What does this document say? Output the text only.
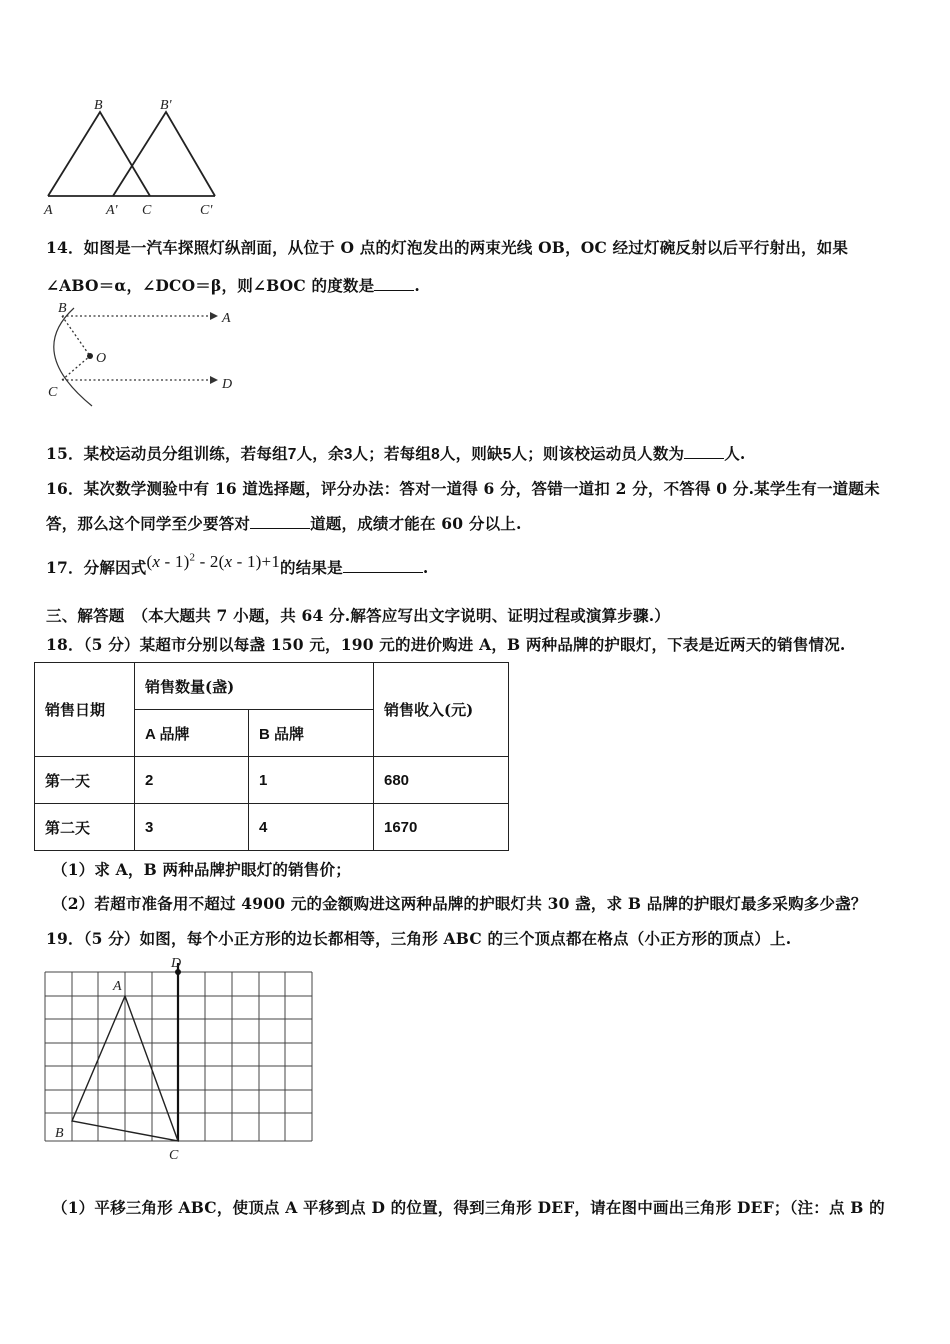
B	B'
A	A' C	C'
14．如图是一汽车探照灯纵剖面，从位于 O 点的灯泡发出的两束光线 OB，OC 经过灯碗反射以后平行射出，如果
∠ABO＝α，∠DCO＝β，则∠BOC 的度数是	.
B
A
O
C
D
15．某校运动员分组训练，若每组7人，余3人；若每组8人，则缺5人；则该校运动员人数为	人.
16．某次数学测验中有 16 道选择题，评分办法：答对一道得 6 分，答错一道扣 2 分，不答得 0 分.某学生有一道题未
答，那么这个同学至少要答对	道题，成绩才能在 60 分以上.
17．分解因式(x - 1)$^2$ - 2(x - 1)+1的结果是	.
三、解答题　（本大题共 7 小题，共 64 分.解答应写出文字说明、证明过程或演算步骤.）
18．（5 分）某超市分别以每盏 150 元，190 元的进价购进 A，B 两种品牌的护眼灯，下表是近两天的销售情况.
销售日期	销售数量(盏)		销售收入(元)
	A 品牌	B 品牌	
第一天	2	1	680
第二天	3	4	1670
（1）求 A，B 两种品牌护眼灯的销售价；
（2）若超市准备用不超过 4900 元的金额购进这两种品牌的护眼灯共 30 盏，求 B 品牌的护眼灯最多采购多少盏？
19．（5 分）如图，每个小正方形的边长都相等，三角形 ABC 的三个顶点都在格点（小正方形的顶点）上.
D
A
B
C
（1）平移三角形 ABC，使顶点 A 平移到点 D 的位置，得到三角形 DEF，请在图中画出三角形 DEF；（注：点 B 的
